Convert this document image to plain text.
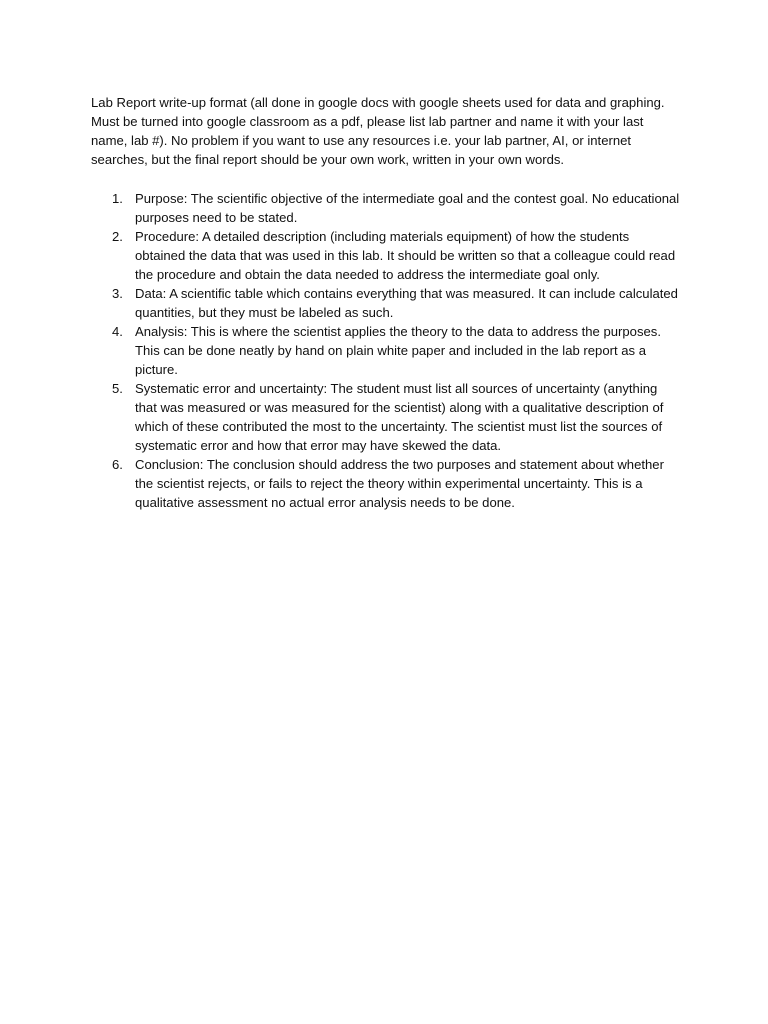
Lab Report write-up format (all done in google docs with google sheets used for data and graphing. Must be turned into google classroom as a pdf, please list lab partner and name it with your last name, lab #). No problem if you want to use any resources i.e. your lab partner, AI, or internet searches, but the final report should be your own work, written in your own words.

1. Purpose: The scientific objective of the intermediate goal and the contest goal. No educational purposes need to be stated.
2. Procedure: A detailed description (including materials equipment) of how the students obtained the data that was used in this lab. It should be written so that a colleague could read the procedure and obtain the data needed to address the intermediate goal only.
3. Data: A scientific table which contains everything that was measured. It can include calculated quantities, but they must be labeled as such.
4. Analysis: This is where the scientist applies the theory to the data to address the purposes. This can be done neatly by hand on plain white paper and included in the lab report as a picture.
5. Systematic error and uncertainty: The student must list all sources of uncertainty (anything that was measured or was measured for the scientist) along with a qualitative description of which of these contributed the most to the uncertainty. The scientist must list the sources of systematic error and how that error may have skewed the data.
6. Conclusion: The conclusion should address the two purposes and statement about whether the scientist rejects, or fails to reject the theory within experimental uncertainty. This is a qualitative assessment no actual error analysis needs to be done.
